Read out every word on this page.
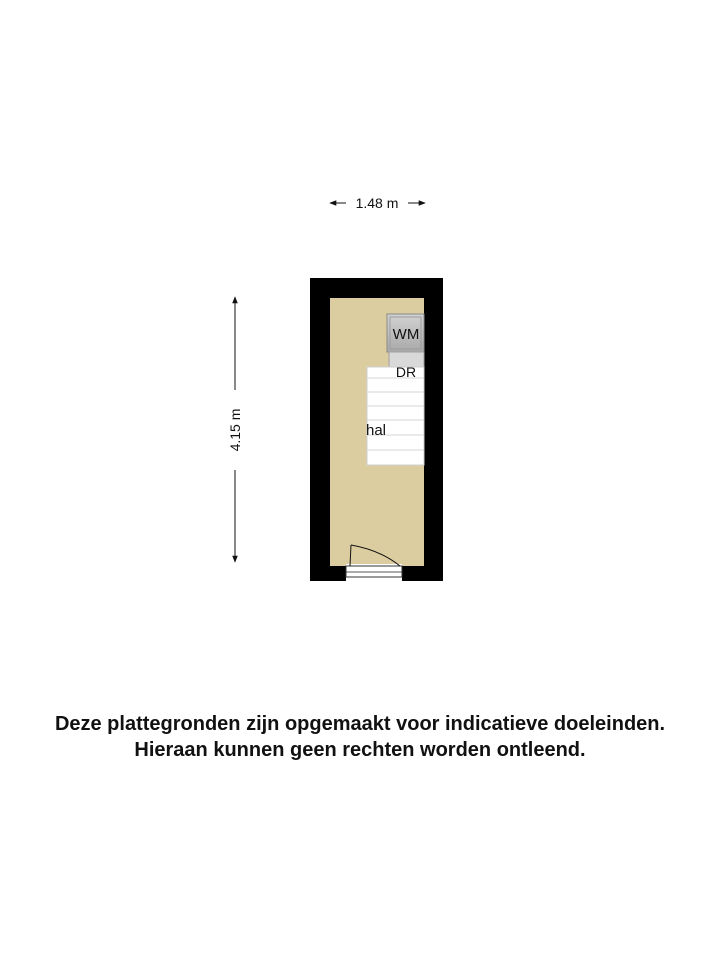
1.48 m
4.15 m
WM
DR
hal
Deze plattegronden zijn opgemaakt voor indicatieve doeleinden.
Hieraan kunnen geen rechten worden ontleend.
